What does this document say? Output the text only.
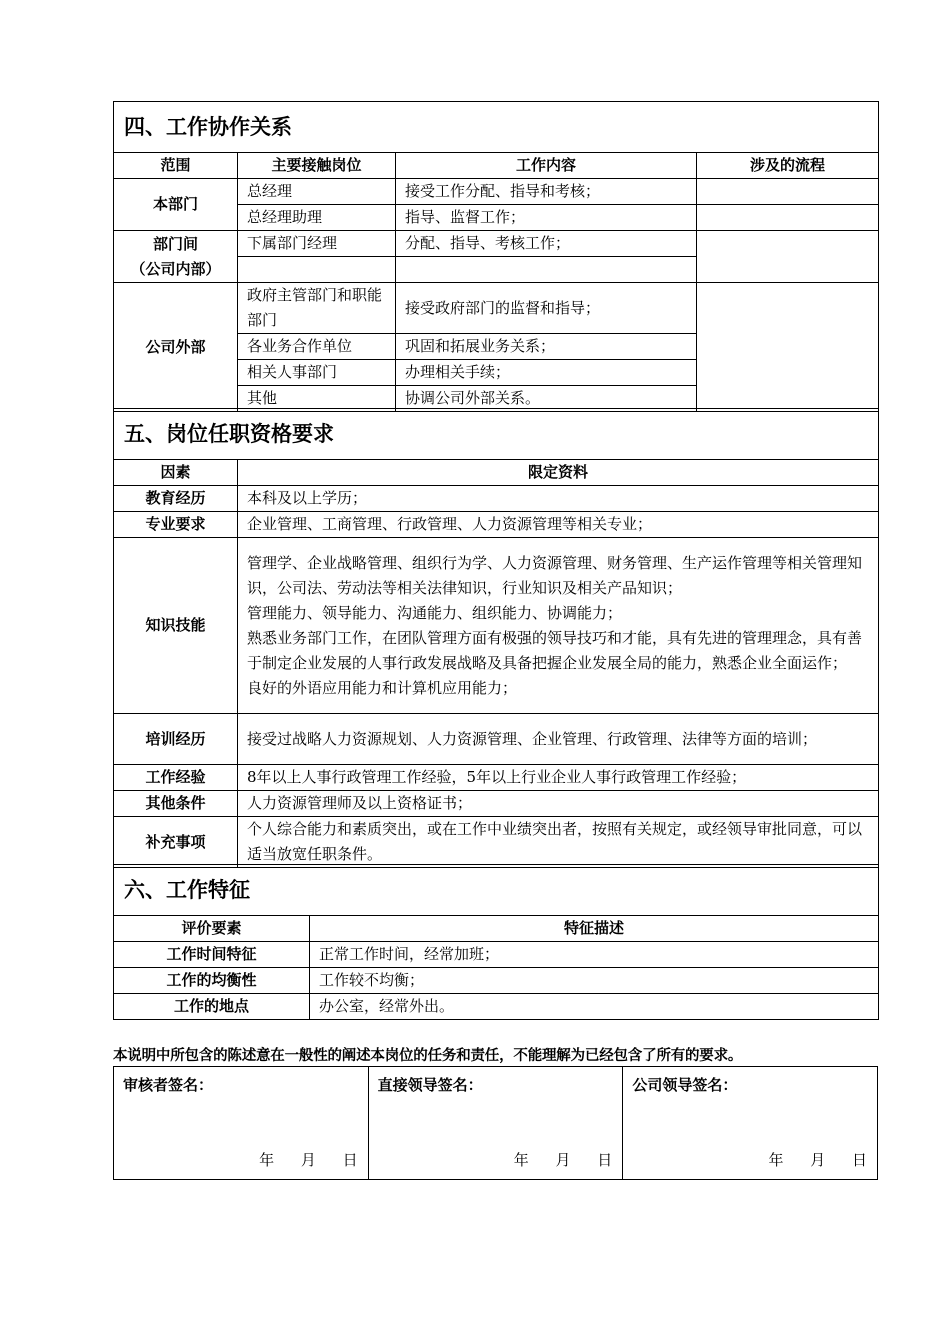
四、工作协作关系			
范围	主要接触岗位	工作内容	涉及的流程
本部门	总经理	接受工作分配、指导和考核；	
	总经理助理	指导、监督工作；	

部门间
（公司内部）	下属部门经理	分配、指导、考核工作；	

公司外部	政府主管部门和职能部门	接受政府部门的监督和指导；	
	各业务合作单位	巩固和拓展业务关系；	
	相关人事部门	办理相关手续；	
	其他	协调公司外部关系。	
五、岗位任职资格要求	
因素	限定资料
教育经历	本科及以上学历；
专业要求	企业管理、工商管理、行政管理、人力资源管理等相关专业；
知识技能	管理学、企业战略管理、组织行为学、人力资源管理、财务管理、生产运作管理等相关管理知识，公司法、劳动法等相关法律知识，行业知识及相关产品知识；
管理能力、领导能力、沟通能力、组织能力、协调能力；
熟悉业务部门工作，在团队管理方面有极强的领导技巧和才能，具有先进的管理理念，具有善于制定企业发展的人事行政发展战略及具备把握企业发展全局的能力，熟悉企业全面运作；
良好的外语应用能力和计算机应用能力；

培训经历	接受过战略人力资源规划、人力资源管理、企业管理、行政管理、法律等方面的培训；
工作经验	8年以上人事行政管理工作经验，5年以上行业企业人事行政管理工作经验；
其他条件	人力资源管理师及以上资格证书；
补充事项	个人综合能力和素质突出，或在工作中业绩突出者，按照有关规定，或经领导审批同意，可以适当放宽任职条件。
六、工作特征	
评价要素	特征描述
工作时间特征	正常工作时间，经常加班；
工作的均衡性	工作较不均衡；
工作的地点	办公室，经常外出。
本说明中所包含的陈述意在一般性的阐述本岗位的任务和责任，不能理解为已经包含了所有的要求。
审核者签名：
年 月 日

直接领导签名：
年 月 日

公司领导签名：
年 月 日
